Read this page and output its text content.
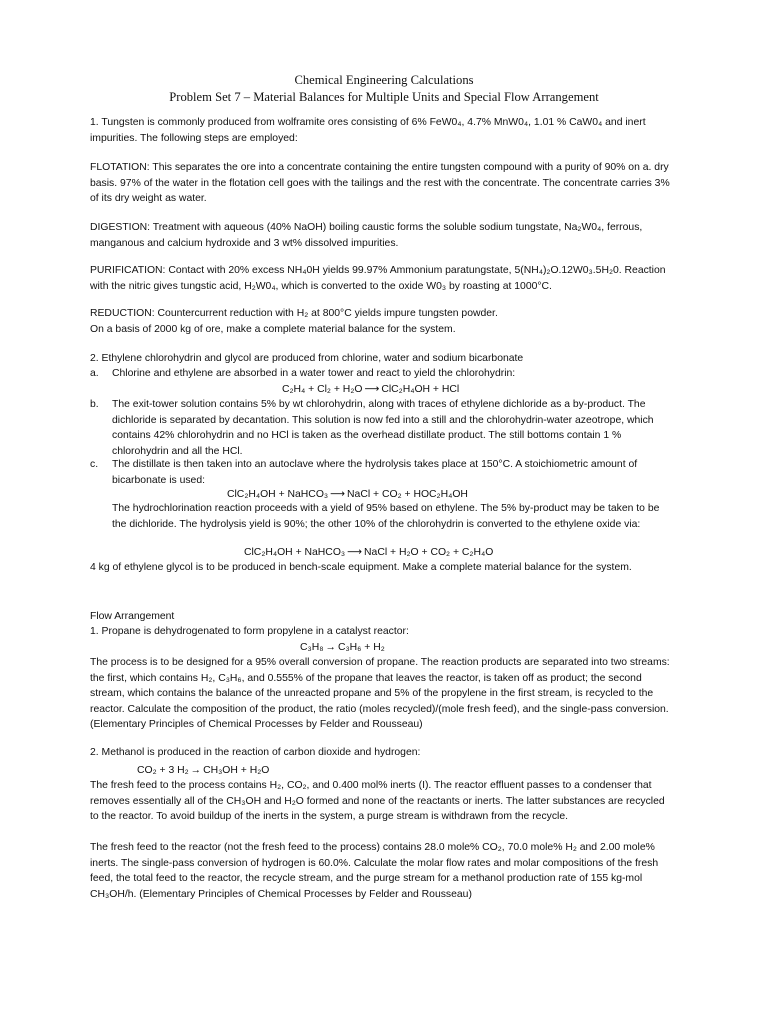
Chemical Engineering Calculations
Problem Set 7 – Material Balances for Multiple Units and Special Flow Arrangement

1. Tungsten is commonly produced from wolframite ores consisting of 6% FeW0₄, 4.7% MnW0₄, 1.01 % CaW0₄ and inert impurities. The following steps are employed:

FLOTATION: This separates the ore into a concentrate containing the entire tungsten compound with a purity of 90% on a. dry basis. 97% of the water in the flotation cell goes with the tailings and the rest with the concentrate. The concentrate carries 3% of its dry weight as water.

DIGESTION: Treatment with aqueous (40% NaOH) boiling caustic forms the soluble sodium tungstate, Na₂W0₄, ferrous, manganous and calcium hydroxide and 3 wt% dissolved impurities.

PURIFICATION: Contact with 20% excess NH₄0H yields 99.97% Ammonium paratungstate, 5(NH₄)₂O.12W0₃.5H₂0. Reaction with the nitric gives tungstic acid, H₂W0₄, which is converted to the oxide W0₃ by roasting at 1000°C.

REDUCTION: Countercurrent reduction with H₂ at 800°C yields impure tungsten powder.

On a basis of 2000 kg of ore, make a complete material balance for the system.

2. Ethylene chlorohydrin and glycol are produced from chlorine, water and sodium bicarbonate

a. Chlorine and ethylene are absorbed in a water tower and react to yield the chlorohydrin:

C₂H₄ + Cl₂ + H₂O ⟶ ClC₂H₄OH + HCl
b. The exit-tower solution contains 5% by wt chlorohydrin, along with traces of ethylene dichloride as a by-product. The dichloride is separated by decantation. This solution is now fed into a still and the chlorohydrin-water azeotrope, which contains 42% chlorohydrin and no HCl is taken as the overhead distillate product. The still bottoms contain 1 % chlorohydrin and all the HCl.

c. The distillate is then taken into an autoclave where the hydrolysis takes place at 150°C. A stoichiometric amount of bicarbonate is used:

ClC₂H₄OH + NaHCO₃ ⟶ NaCl + CO₂ + HOC₂H₄OH

The hydrochlorination reaction proceeds with a yield of 95% based on ethylene. The 5% by-product may be taken to be the dichloride. The hydrolysis yield is 90%; the other 10% of the chlorohydrin is converted to the ethylene oxide via:

ClC₂H₄OH + NaHCO₃ ⟶ NaCl + H₂O + CO₂ + C₂H₄O

4 kg of ethylene glycol is to be produced in bench-scale equipment. Make a complete material balance for the system.

Flow Arrangement

1. Propane is dehydrogenated to form propylene in a catalyst reactor:

C₃H₈ → C₃H₆ + H₂

The process is to be designed for a 95% overall conversion of propane. The reaction products are separated into two streams: the first, which contains H₂, C₃H₆, and 0.555% of the propane that leaves the reactor, is taken off as product; the second stream, which contains the balance of the unreacted propane and 5% of the propylene in the first stream, is recycled to the reactor. Calculate the composition of the product, the ratio (moles recycled)/(mole fresh feed), and the single-pass conversion.(Elementary Principles of Chemical Processes by Felder and Rousseau)

2. Methanol is produced in the reaction of carbon dioxide and hydrogen:

CO₂ + 3 H₂ → CH₃OH + H₂O

The fresh feed to the process contains H₂, CO₂, and 0.400 mol% inerts (I). The reactor effluent passes to a condenser that removes essentially all of the CH₃OH and H₂O formed and none of the reactants or inerts. The latter substances are recycled to the reactor. To avoid buildup of the inerts in the system, a purge stream is withdrawn from the recycle.

The fresh feed to the reactor (not the fresh feed to the process) contains 28.0 mole% CO₂, 70.0 mole% H₂ and 2.00 mole% inerts. The single-pass conversion of hydrogen is 60.0%. Calculate the molar flow rates and molar compositions of the fresh feed, the total feed to the reactor, the recycle stream, and the purge stream for a methanol production rate of 155 kg-mol CH₃OH/h. (Elementary Principles of Chemical Processes by Felder and Rousseau)
